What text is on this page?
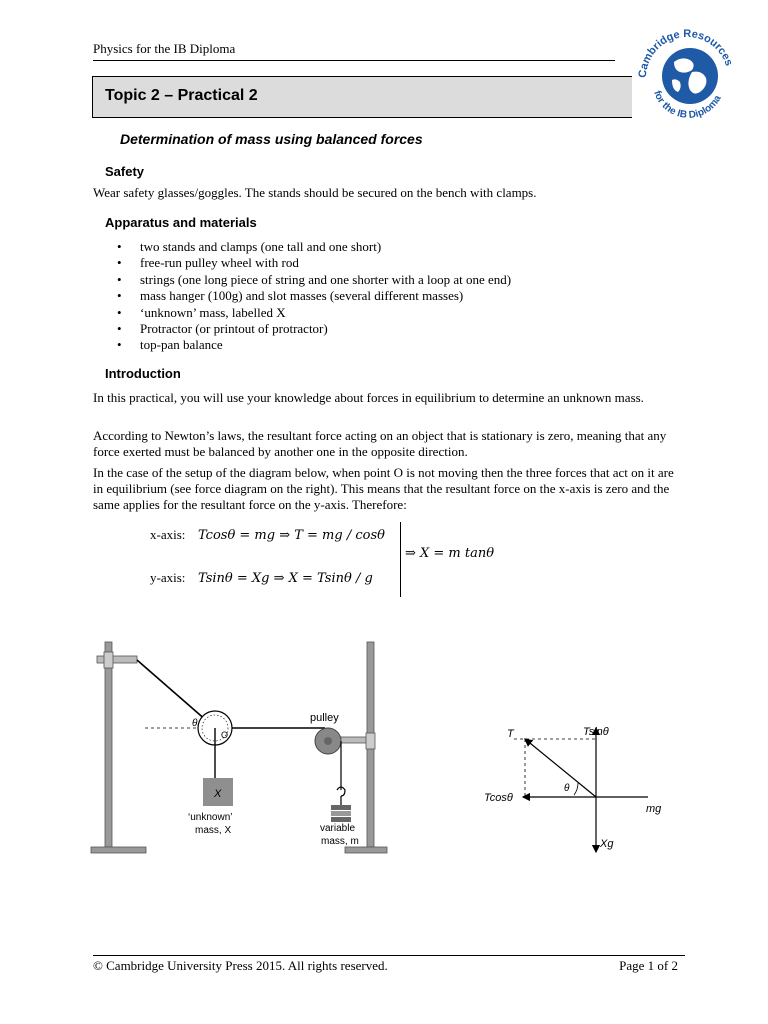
Physics for the IB Diploma
Cambridge Resources
for the IB Diploma
Topic 2 – Practical 2
Determination of mass using balanced forces
Safety
Wear safety glasses/goggles. The stands should be secured on the bench with clamps.
Apparatus and materials
• two stands and clamps (one tall and one short)
• free-run pulley wheel with rod
• strings (one long piece of string and one shorter with a loop at one end)
• mass hanger (100g) and slot masses (several different masses)
• ‘unknown’ mass, labelled X
• Protractor (or printout of protractor)
• top-pan balance
Introduction
In this practical, you will use your knowledge about forces in equilibrium to determine an unknown mass.
According to Newton’s laws, the resultant force acting on an object that is stationary is zero, meaning that any force exerted must be balanced by another one in the opposite direction.
In the case of the setup of the diagram below, when point O is not moving then the three forces that act on it are in equilibrium (see force diagram on the right). This means that the resultant force on the x-axis is zero and the same applies for the resultant force on the y-axis. Therefore:
x-axis: Tcosθ = mg ⇒ T = mg / cosθ
y-axis: Tsinθ = Xg ⇒ X = Tsinθ / g
⇒ X = m tanθ
θ
O
X
‘unknown’
mass, X
pulley
variable
mass, m
T	Tsinθ
Tcosθ
θ
mg
Xg
© Cambridge University Press 2015. All rights reserved.	Page 1 of 2
